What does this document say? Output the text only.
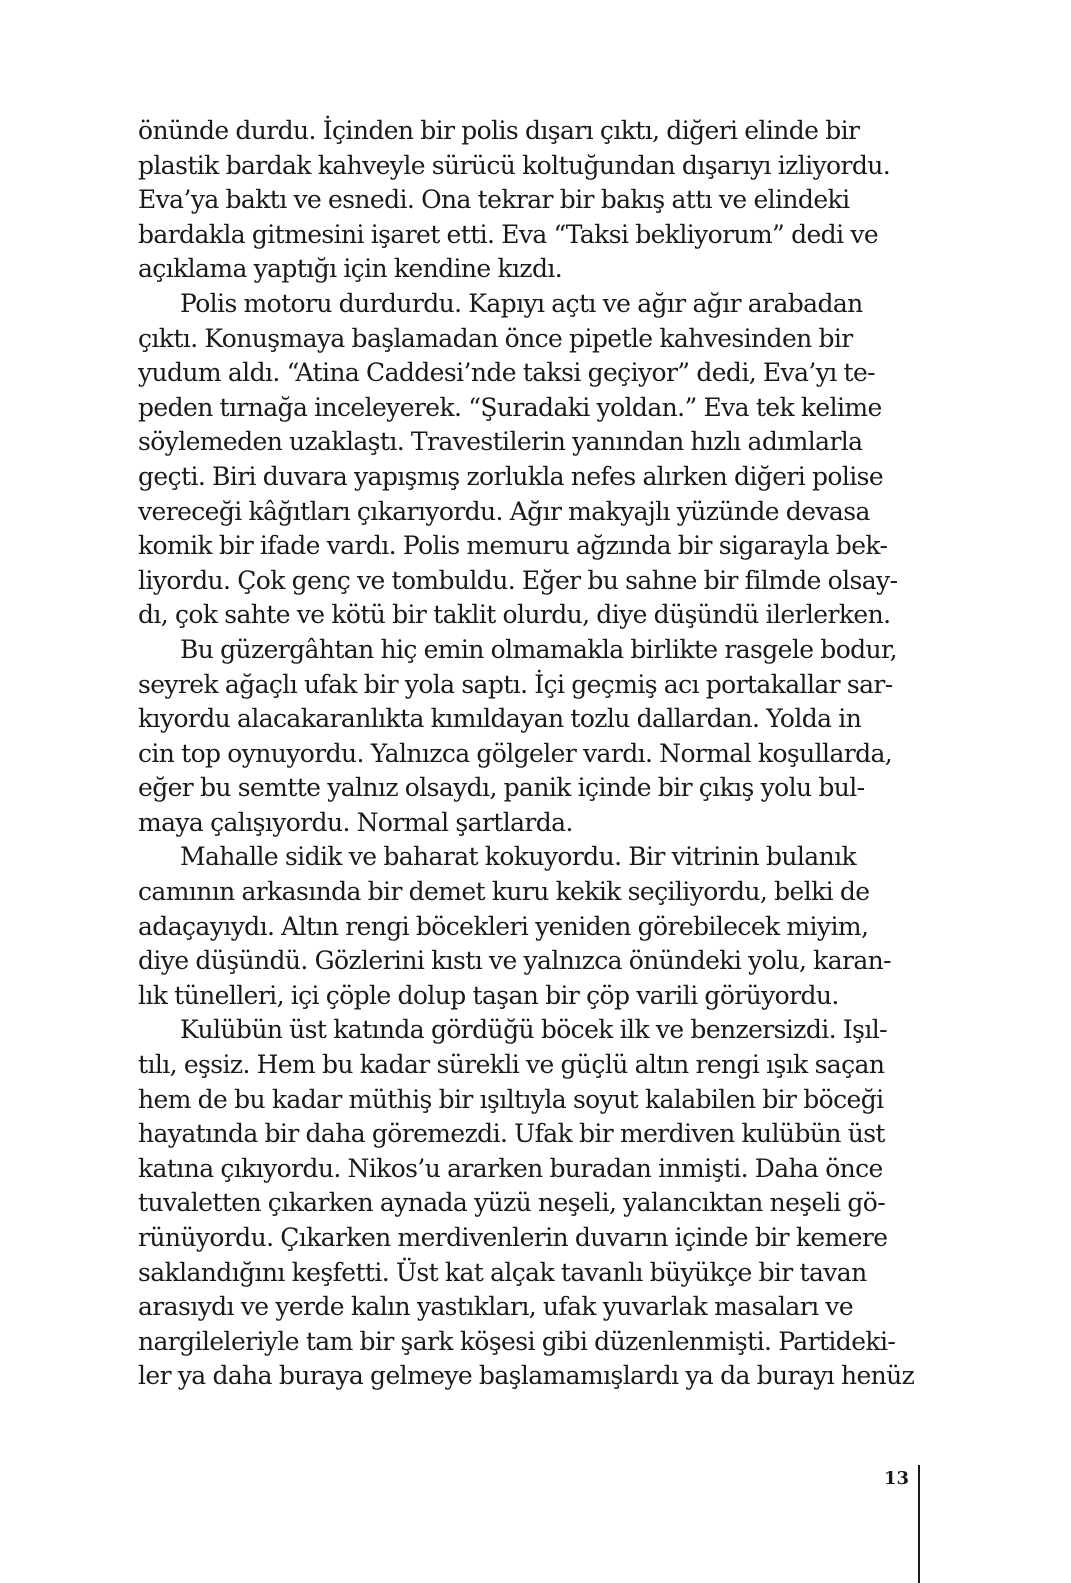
önünde durdu. İçinden bir polis dışarı çıktı, diğeri elinde bir
plastik bardak kahveyle sürücü koltuğundan dışarıyı izliyordu.
Eva’ya baktı ve esnedi. Ona tekrar bir bakış attı ve elindeki
bardakla gitmesini işaret etti. Eva “Taksi bekliyorum” dedi ve
açıklama yaptığı için kendine kızdı.
Polis motoru durdurdu. Kapıyı açtı ve ağır ağır arabadan
çıktı. Konuşmaya başlamadan önce pipetle kahvesinden bir
yudum aldı. “Atina Caddesi’nde taksi geçiyor” dedi, Eva’yı te-
peden tırnağa inceleyerek. “Şuradaki yoldan.” Eva tek kelime
söylemeden uzaklaştı. Travestilerin yanından hızlı adımlarla
geçti. Biri duvara yapışmış zorlukla nefes alırken diğeri polise
vereceği kâğıtları çıkarıyordu. Ağır makyajlı yüzünde devasa
komik bir ifade vardı. Polis memuru ağzında bir sigarayla bek-
liyordu. Çok genç ve tombuldu. Eğer bu sahne bir filmde olsay-
dı, çok sahte ve kötü bir taklit olurdu, diye düşündü ilerlerken.
Bu güzergâhtan hiç emin olmamakla birlikte rasgele bodur,
seyrek ağaçlı ufak bir yola saptı. İçi geçmiş acı portakallar sar-
kıyordu alacakaranlıkta kımıldayan tozlu dallardan. Yolda in
cin top oynuyordu. Yalnızca gölgeler vardı. Normal koşullarda,
eğer bu semtte yalnız olsaydı, panik içinde bir çıkış yolu bul-
maya çalışıyordu. Normal şartlarda.
Mahalle sidik ve baharat kokuyordu. Bir vitrinin bulanık
camının arkasında bir demet kuru kekik seçiliyordu, belki de
adaçayıydı. Altın rengi böcekleri yeniden görebilecek miyim,
diye düşündü. Gözlerini kıstı ve yalnızca önündeki yolu, karan-
lık tünelleri, içi çöple dolup taşan bir çöp varili görüyordu.
Kulübün üst katında gördüğü böcek ilk ve benzersizdi. Işıl-
tılı, eşsiz. Hem bu kadar sürekli ve güçlü altın rengi ışık saçan
hem de bu kadar müthiş bir ışıltıyla soyut kalabilen bir böceği
hayatında bir daha göremezdi. Ufak bir merdiven kulübün üst
katına çıkıyordu. Nikos’u ararken buradan inmişti. Daha önce
tuvaletten çıkarken aynada yüzü neşeli, yalancıktan neşeli gö-
rünüyordu. Çıkarken merdivenlerin duvarın içinde bir kemere
saklandığını keşfetti. Üst kat alçak tavanlı büyükçe bir tavan
arasıydı ve yerde kalın yastıkları, ufak yuvarlak masaları ve
nargileleriyle tam bir şark köşesi gibi düzenlenmişti. Partideki-
ler ya daha buraya gelmeye başlamamışlardı ya da burayı henüz
13
